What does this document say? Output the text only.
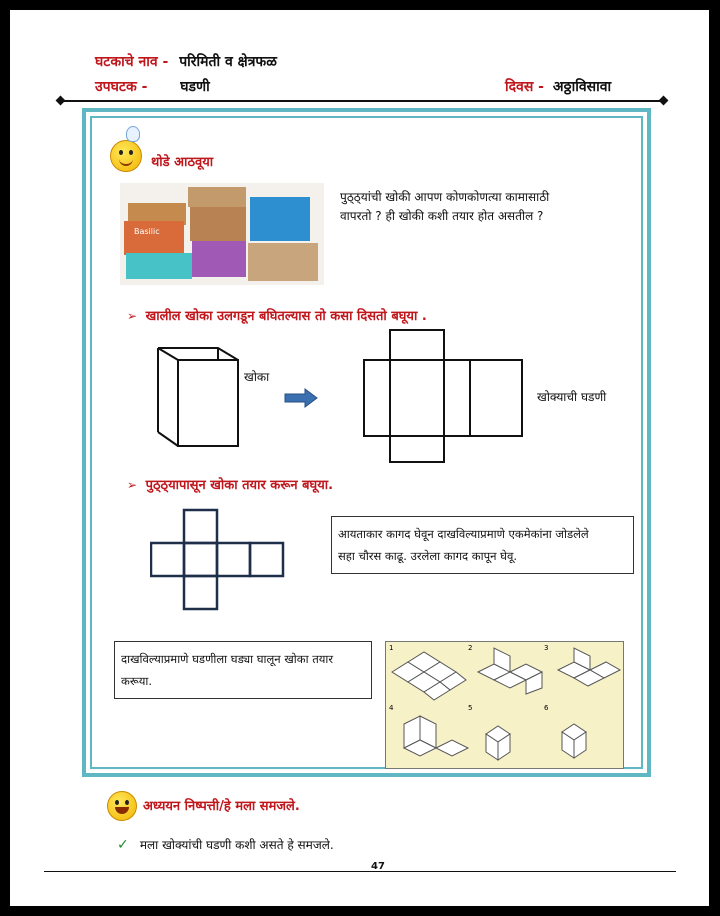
घटकाचे नाव - परिमिती व क्षेत्रफळ
उपघटक - घडणी	दिवस - अठ्ठाविसावा
थोडे आठवूया
Basilic
पुठ्ठ्यांची खोकी आपण कोणकोणत्या कामासाठी
वापरतो ? ही खोकी कशी तयार होत असतील ?
➢ खालील खोका उलगडून बघितल्यास तो कसा दिसतो बघूया .
खोका
खोक्याची घडणी
➢ पुठ्ठ्यापासून खोका तयार करून बघूया.
आयताकार कागद घेवून दाखविल्याप्रमाणे एकमेकांना जोडलेले
सहा चौरस काढू. उरलेला कागद कापून घेवू.
दाखविल्याप्रमाणे घडणीला घड्या घालून खोका तयार
करूया.
1	2	3
4	5	6
अध्ययन निष्पत्ती/हे मला समजले.
✓ मला खोक्यांची घडणी कशी असते हे समजले.
47
